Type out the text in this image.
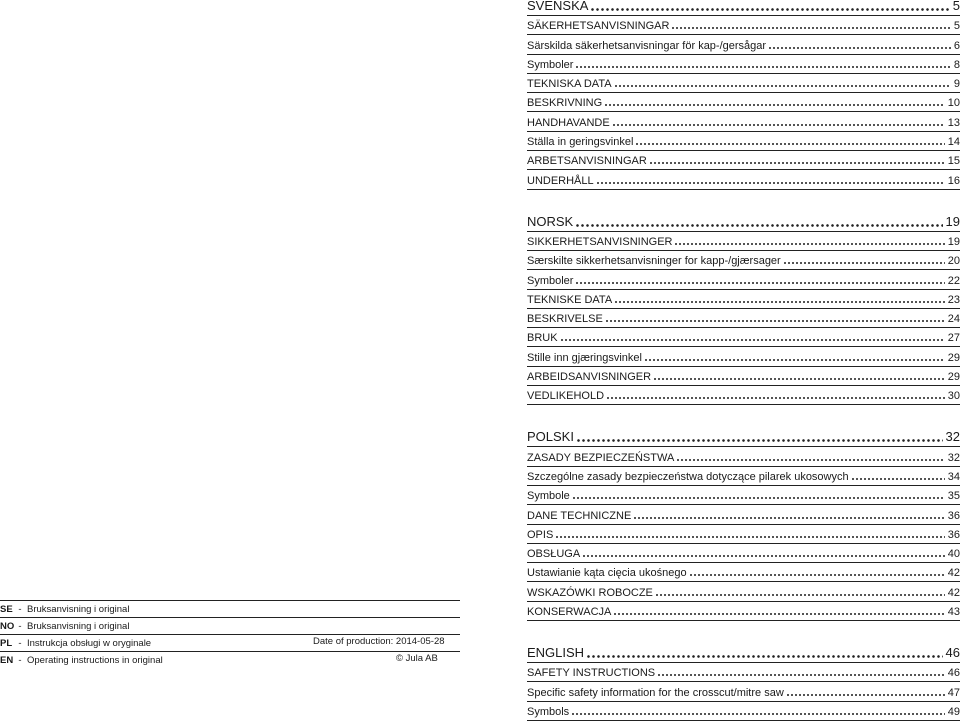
SVENSKA	5
SÄKERHETSANVISNINGAR	5
Särskilda säkerhetsanvisningar för kap-/gersågar	6
Symboler	8
TEKNISKA DATA	9
BESKRIVNING	10
HANDHAVANDE	13
Ställa in geringsvinkel	14
ARBETSANVISNINGAR	15
UNDERHÅLL	16
NORSK	19
SIKKERHETSANVISNINGER	19
Særskilte sikkerhetsanvisninger for kapp-/gjærsager	20
Symboler	22
TEKNISKE DATA	23
BESKRIVELSE	24
BRUK	27
Stille inn gjæringsvinkel	29
ARBEIDSANVISNINGER	29
VEDLIKEHOLD	30
POLSKI	32
ZASADY BEZPIECZEŃSTWA	32
Szczególne zasady bezpieczeństwa dotyczące pilarek ukosowych	34
Symbole	35
DANE TECHNICZNE	36
OPIS	36
OBSŁUGA	40
Ustawianie kąta cięcia ukośnego	42
WSKAZÓWKI ROBOCZE	42
KONSERWACJA	43
ENGLISH	46
SAFETY INSTRUCTIONS	46
Specific safety information for the crosscut/mitre saw	47
Symbols	49
SE - Bruksanvisning i original
NO - Bruksanvisning i original
PL - Instrukcja obsługi w oryginale
EN - Operating instructions in original
Date of production: 2014-05-28
© Jula AB
